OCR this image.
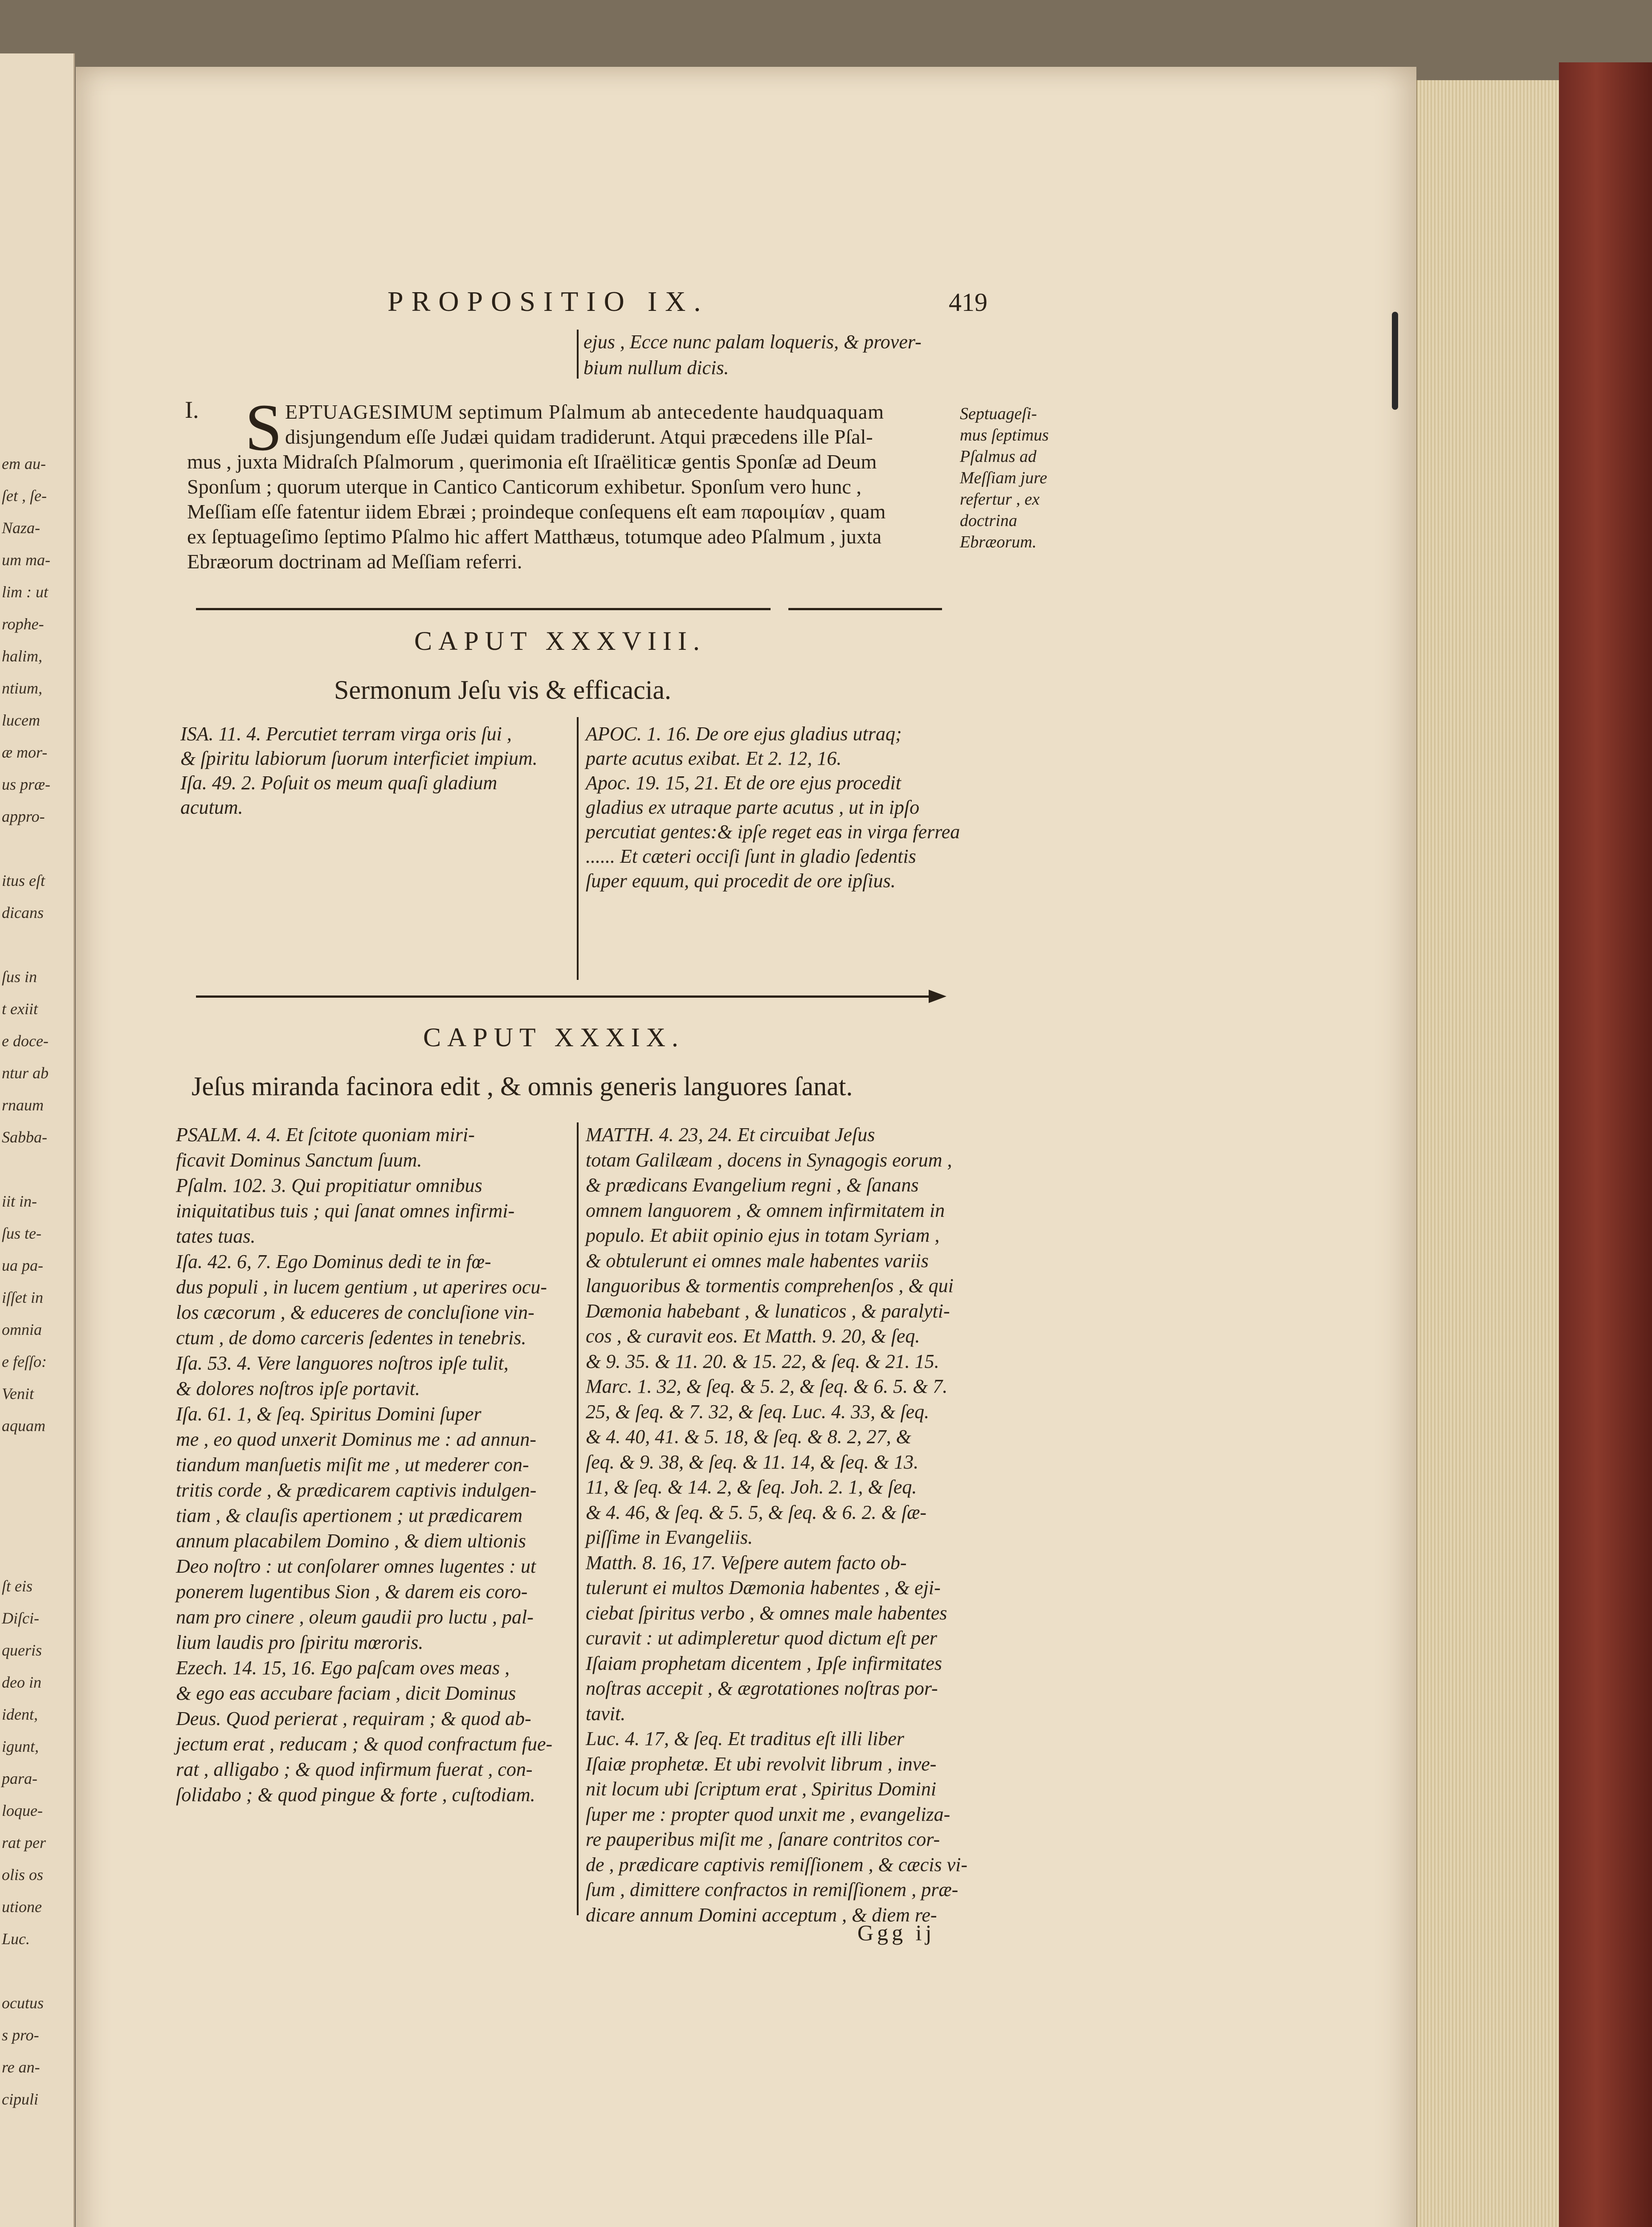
em au-
ſet , ſe-
Naza-
um ma-
lim : ut
rophe-
halim,
ntium,
lucem
æ mor-
us præ-
appro-
itus eſt
dicans
ſus in
t exiit
e doce-
ntur ab
rnaum
Sabba-
iit in-
ſus te-
ua pa-
iſſet in
omnia
e feſſo:
Venit
aquam
ſt eis
Diſci-
queris
deo in
ident,
igunt,
para-
loque-
rat per
olis os
utione
Luc.
ocutus
s pro-
re an-
cipuli
PROPOSITIO IX.	419
ejus , Ecce nunc palam loqueris, & prover-
bium nullum dicis.
I. S
CAPUT XXXVIII.
Sermonum Jeſu vis & efficacia.
CAPUT XXXIX.
Jeſus miranda facinora edit , & omnis generis languores ſanat.
Ggg ij
EPTUAGESIMUM septimum Pſalmum ab antecedente haudquaquam
disjungendum eſſe Judæi quidam tradiderunt. Atqui præcedens ille Pſal-
mus , juxta Midraſch Pſalmorum , querimonia eſt Iſraëliticæ gentis Sponſæ ad Deum
Sponſum ; quorum uterque in Cantico Canticorum exhibetur. Sponſum vero hunc ,
Meſſiam eſſe fatentur iidem Ebræi ; proindeque conſequens eſt eam παροιμίαν , quam
ex ſeptuageſimo ſeptimo Pſalmo hic affert Matthæus, totumque adeo Pſalmum , juxta
Ebræorum doctrinam ad Meſſiam referri.
Septuageſi-
mus ſeptimus
Pſalmus ad
Meſſiam jure
refertur , ex
doctrina
Ebræorum.
ISA. 11. 4. Percutiet terram virga oris ſui ,
& ſpiritu labiorum ſuorum interficiet impium.
Iſa. 49. 2. Poſuit os meum quaſi gladium
acutum.
APOC. 1. 16. De ore ejus gladius utraq;
parte acutus exibat. Et 2. 12, 16.
Apoc. 19. 15, 21. Et de ore ejus procedit
gladius ex utraque parte acutus , ut in ipſo
percutiat gentes:& ipſe reget eas in virga ferrea
...... Et cæteri occiſi ſunt in gladio ſedentis
ſuper equum, qui procedit de ore ipſius.
PSALM. 4. 4. Et ſcitote quoniam miri-
ficavit Dominus Sanctum ſuum.
Pſalm. 102. 3. Qui propitiatur omnibus
iniquitatibus tuis ; qui ſanat omnes infirmi-
tates tuas.
Iſa. 42. 6, 7. Ego Dominus dedi te in fœ-
dus populi , in lucem gentium , ut aperires ocu-
los cæcorum , & educeres de concluſione vin-
ctum , de domo carceris ſedentes in tenebris.
Iſa. 53. 4. Vere languores noſtros ipſe tulit,
& dolores noſtros ipſe portavit.
Iſa. 61. 1, & ſeq. Spiritus Domini ſuper
me , eo quod unxerit Dominus me : ad annun-
tiandum manſuetis miſit me , ut mederer con-
tritis corde , & prædicarem captivis indulgen-
tiam , & clauſis apertionem ; ut prædicarem
annum placabilem Domino , & diem ultionis
Deo noſtro : ut conſolarer omnes lugentes : ut
ponerem lugentibus Sion , & darem eis coro-
nam pro cinere , oleum gaudii pro luctu , pal-
lium laudis pro ſpiritu mœroris.
Ezech. 14. 15, 16. Ego paſcam oves meas ,
& ego eas accubare faciam , dicit Dominus
Deus. Quod perierat , requiram ; & quod ab-
jectum erat , reducam ; & quod confractum fue-
rat , alligabo ; & quod infirmum fuerat , con-
ſolidabo ; & quod pingue & forte , cuſtodiam.
MATTH. 4. 23, 24. Et circuibat Jeſus
totam Galilæam , docens in Synagogis eorum ,
& prædicans Evangelium regni , & ſanans
omnem languorem , & omnem infirmitatem in
populo. Et abiit opinio ejus in totam Syriam ,
& obtulerunt ei omnes male habentes variis
languoribus & tormentis comprehenſos , & qui
Dæmonia habebant , & lunaticos , & paralyti-
cos , & curavit eos. Et Matth. 9. 20, & ſeq.
& 9. 35. & 11. 20. & 15. 22, & ſeq. & 21. 15.
Marc. 1. 32, & ſeq. & 5. 2, & ſeq. & 6. 5. & 7.
25, & ſeq. & 7. 32, & ſeq. Luc. 4. 33, & ſeq.
& 4. 40, 41. & 5. 18, & ſeq. & 8. 2, 27, &
ſeq. & 9. 38, & ſeq. & 11. 14, & ſeq. & 13.
11, & ſeq. & 14. 2, & ſeq. Joh. 2. 1, & ſeq.
& 4. 46, & ſeq. & 5. 5, & ſeq. & 6. 2. & ſæ-
piſſime in Evangeliis.
Matth. 8. 16, 17. Veſpere autem facto ob-
tulerunt ei multos Dæmonia habentes , & eji-
ciebat ſpiritus verbo , & omnes male habentes
curavit : ut adimpleretur quod dictum eſt per
Iſaiam prophetam dicentem , Ipſe infirmitates
noſtras accepit , & ægrotationes noſtras por-
tavit.
Luc. 4. 17, & ſeq. Et traditus eſt illi liber
Iſaiæ prophetæ. Et ubi revolvit librum , inve-
nit locum ubi ſcriptum erat , Spiritus Domini
ſuper me : propter quod unxit me , evangeliza-
re pauperibus miſit me , ſanare contritos cor-
de , prædicare captivis remiſſionem , & cæcis vi-
ſum , dimittere confractos in remiſſionem , præ-
dicare annum Domini acceptum , & diem re-
